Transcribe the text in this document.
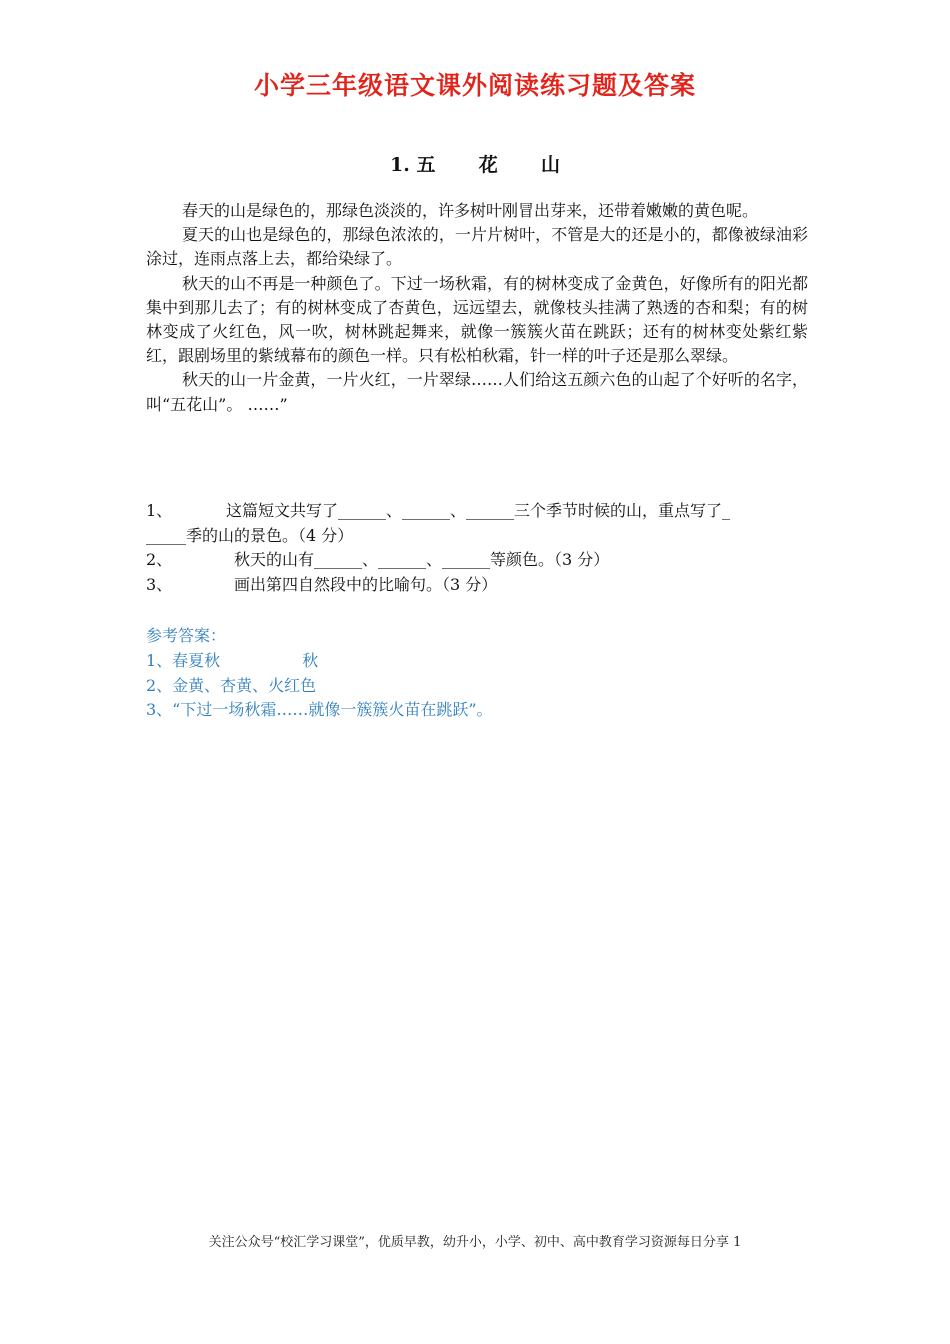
小学三年级语文课外阅读练习题及答案
1. 五 花 山

春天的山是绿色的，那绿色淡淡的，许多树叶刚冒出芽来，还带着嫩嫩的黄色呢。

夏天的山也是绿色的，那绿色浓浓的，一片片树叶，不管是大的还是小的，都像被绿油彩涂过，连雨点落上去，都给染绿了。

秋天的山不再是一种颜色了。下过一场秋霜，有的树林变成了金黄色，好像所有的阳光都集中到那儿去了；有的树林变成了杏黄色，远远望去，就像枝头挂满了熟透的杏和梨；有的树林变成了火红色，风一吹，树林跳起舞来，就像一簇簇火苗在跳跃；还有的树林变处紫红紫红，跟剧场里的紫绒幕布的颜色一样。只有松柏秋霜，针一样的叶子还是那么翠绿。

秋天的山一片金黄，一片火红，一片翠绿……人们给这五颜六色的山起了个好听的名字，叫“五花山”。 ……”

1、	这篇短文共写了______、______、______三个季节时候的山，重点写了_
_____季的山的景色。（4 分）
2、	秋天的山有______、______、______等颜色。（3 分）
3、	画出第四自然段中的比喻句。（3 分）
参考答案：
1、春夏秋	秋
2、金黄、杏黄、火红色
3、“下过一场秋霜……就像一簇簇火苗在跳跃”。
关注公众号“校汇学习课堂”，优质早教，幼升小，小学、初中、高中教育学习资源每日分享 1
